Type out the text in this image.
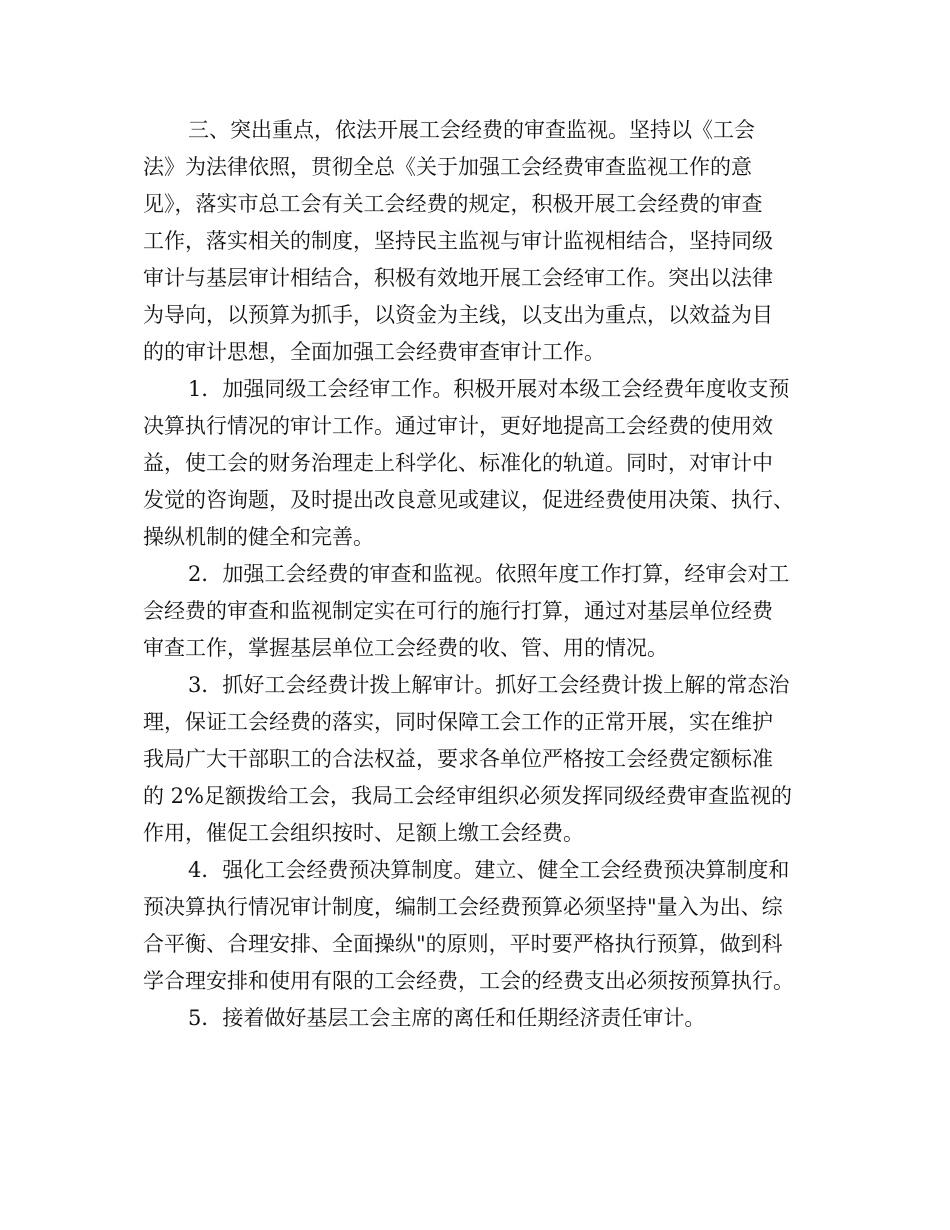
三、突出重点，依法开展工会经费的审查监视。坚持以《工会

法》为法律依照，贯彻全总《关于加强工会经费审查监视工作的意

见》，落实市总工会有关工会经费的规定，积极开展工会经费的审查

工作，落实相关的制度，坚持民主监视与审计监视相结合，坚持同级

审计与基层审计相结合，积极有效地开展工会经审工作。突出以法律

为导向，以预算为抓手，以资金为主线，以支出为重点，以效益为目

的的审计思想，全面加强工会经费审查审计工作。

1．加强同级工会经审工作。积极开展对本级工会经费年度收支预

决算执行情况的审计工作。通过审计，更好地提高工会经费的使用效

益，使工会的财务治理走上科学化、标准化的轨道。同时，对审计中

发觉的咨询题，及时提出改良意见或建议，促进经费使用决策、执行、

操纵机制的健全和完善。

2．加强工会经费的审查和监视。依照年度工作打算，经审会对工

会经费的审查和监视制定实在可行的施行打算，通过对基层单位经费

审查工作，掌握基层单位工会经费的收、管、用的情况。

3．抓好工会经费计拨上解审计。抓好工会经费计拨上解的常态治

理，保证工会经费的落实，同时保障工会工作的正常开展，实在维护

我局广大干部职工的合法权益，要求各单位严格按工会经费定额标准

的 2%足额拨给工会，我局工会经审组织必须发挥同级经费审查监视的

作用，催促工会组织按时、足额上缴工会经费。

4．强化工会经费预决算制度。建立、健全工会经费预决算制度和

预决算执行情况审计制度，编制工会经费预算必须坚持"量入为出、综

合平衡、合理安排、全面操纵"的原则，平时要严格执行预算，做到科

学合理安排和使用有限的工会经费，工会的经费支出必须按预算执行。

5．接着做好基层工会主席的离任和任期经济责任审计。
